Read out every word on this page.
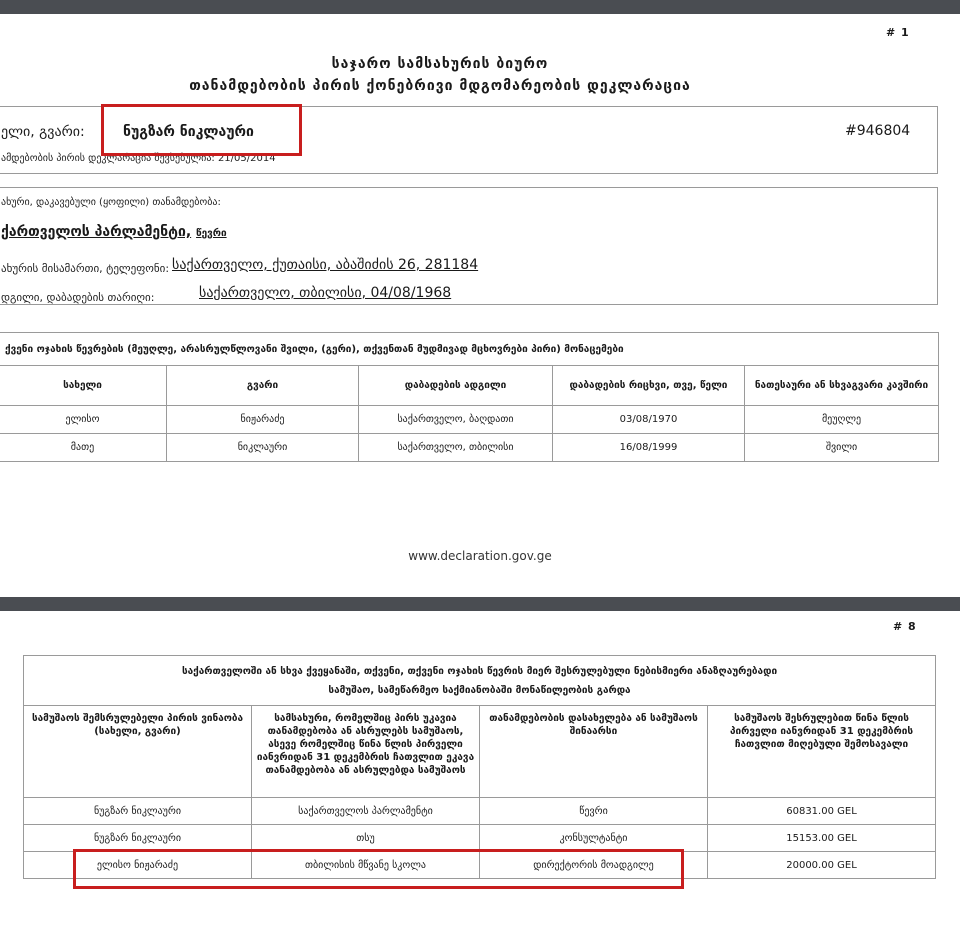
# 1
საჯარო სამსახურის ბიურო
თანამდებობის პირის ქონებრივი მდგომარეობის დეკლარაცია
ელი, გვარი:	ნუგზარ ნიკლაური	#946804
ამდებობის პირის დეკლარაცია შევსებულია: 21/05/2014
ახური, დაკავებული (ყოფილი) თანამდებობა:
ქართველოს პარლამენტი, წევრი
ახურის მისამართი, ტელეფონი: საქართველო, ქუთაისი, აბაშიძის 26, 281184
დგილი, დაბადების თარიღი:	საქართველო, თბილისი, 04/08/1968
ქვენი ოჯახის წევრების (მეუღლე, არასრულწლოვანი შვილი, (გერი), თქვენთან მუდმივად მცხოვრები პირი) მონაცემები				
სახელი	გვარი	დაბადების ადგილი	დაბადების რიცხვი, თვე, წელი	ნათესაური ან სხვაგვარი კავშირი
ელისო	ნიჟარაძე	საქართველო, ბაღდათი	03/08/1970	მეუღლე
მათე	ნიკლაური	საქართველო, თბილისი	16/08/1999	შვილი
www.declaration.gov.ge
# 8
საქართველოში ან სხვა ქვეყანაში, თქვენი, თქვენი ოჯახის წევრის მიერ შესრულებული ნებისმიერი ანაზღაურებადი
სამუშაო, სამეწარმეო საქმიანობაში მონაწილეობის გარდა			

სამუშაოს შემსრულებელი პირის ვინაობა (სახელი, გვარი)	სამსახური, რომელშიც პირს უკავია თანამდებობა ან ასრულებს სამუშაოს, ასევე რომელშიც წინა წლის პირველი იანვრიდან 31 დეკემბრის ჩათვლით ეკავა თანამდებობა ან ასრულებდა სამუშაოს	თანამდებობის დასახელება ან სამუშაოს შინაარსი	სამუშაოს შესრულებით წინა წლის პირველი იანვრიდან 31 დეკემბრის ჩათვლით მიღებული შემოსავალი
ნუგზარ ნიკლაური	საქართველოს პარლამენტი	წევრი	60831.00 GEL
ნუგზარ ნიკლაური	თსუ	კონსულტანტი	15153.00 GEL
ელისო ნიჟარაძე	თბილისის მწვანე სკოლა	დირექტორის მოადგილე	20000.00 GEL
